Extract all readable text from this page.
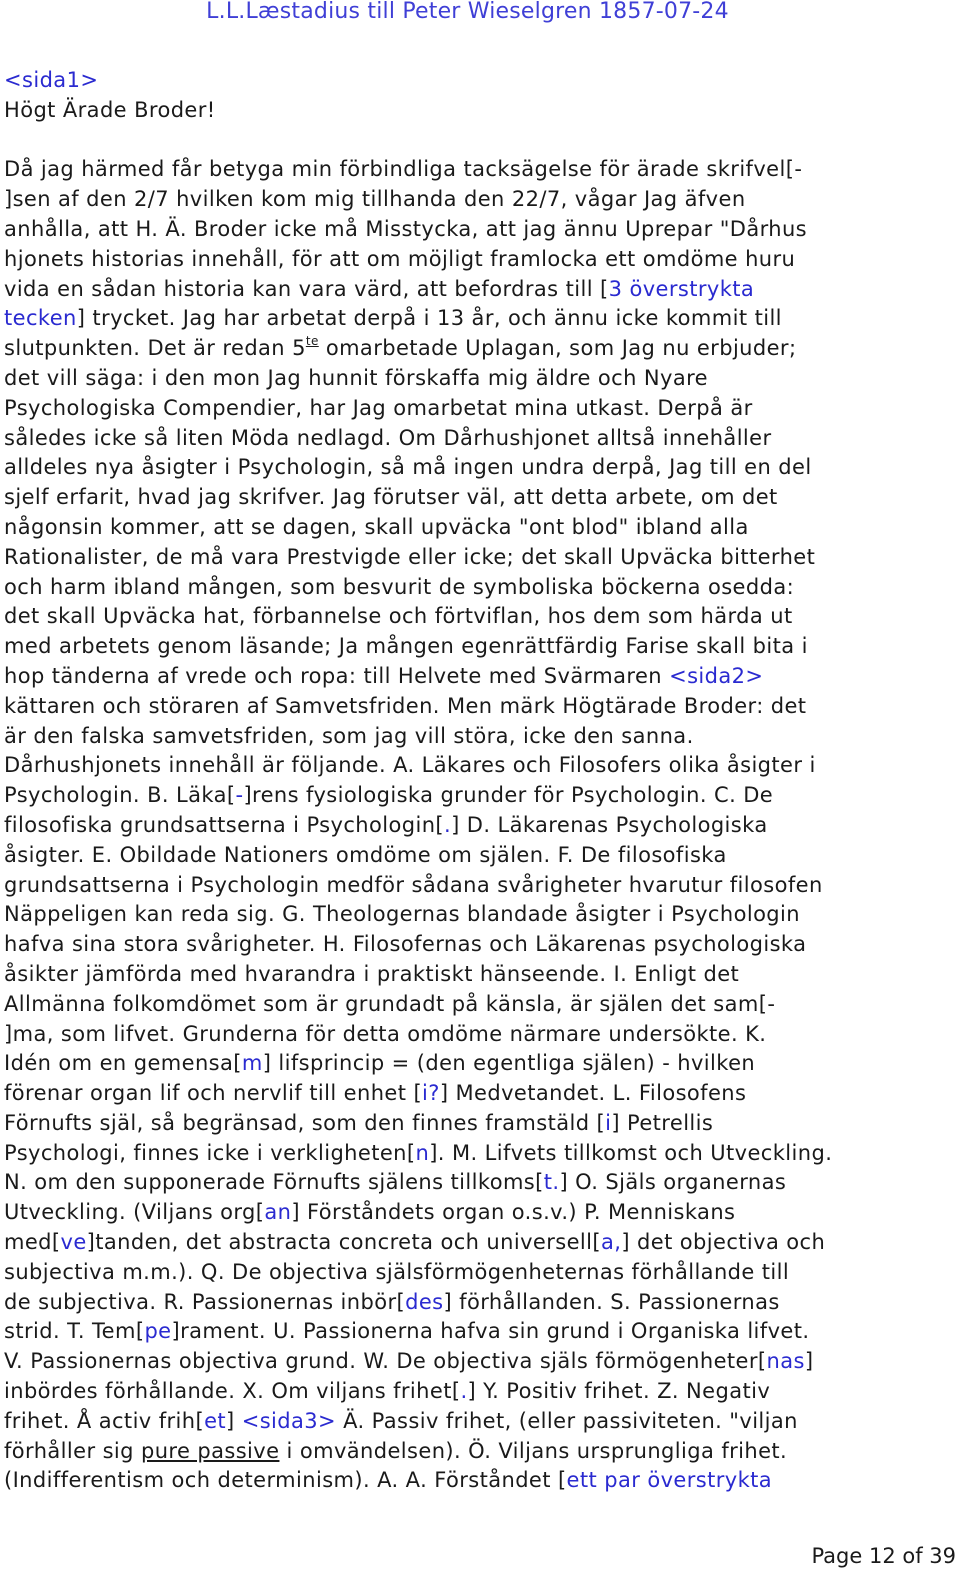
L.L.Læstadius till Peter Wieselgren 1857-07-24
<sida1>
Högt Ärade Broder!
Då jag härmed får betyga min förbindliga tacksägelse för ärade skrifvel[-
]sen af den 2/7 hvilken kom mig tillhanda den 22/7, vågar Jag äfven
anhålla, att H. Ä. Broder icke må Misstycka, att jag ännu Uprepar "Dårhus
hjonets historias innehåll, för att om möjligt framlocka ett omdöme huru
vida en sådan historia kan vara värd, att befordras till [3 överstrykta
tecken] trycket. Jag har arbetat derpå i 13 år, och ännu icke kommit till
slutpunkten. Det är redan $5^{te}$ omarbetade Uplagan, som Jag nu erbjuder;
det vill säga: i den mon Jag hunnit förskaffa mig äldre och Nyare
Psychologiska Compendier, har Jag omarbetat mina utkast. Derpå är
således icke så liten Möda nedlagd. Om Dårhushjonet alltså innehåller
alldeles nya åsigter i Psychologin, så må ingen undra derpå, Jag till en del
sjelf erfarit, hvad jag skrifver. Jag förutser väl, att detta arbete, om det
någonsin kommer, att se dagen, skall upväcka "ont blod" ibland alla
Rationalister, de må vara Prestvigde eller icke; det skall Upväcka bitterhet
och harm ibland mången, som besvurit de symboliska böckerna osedda:
det skall Upväcka hat, förbannelse och förtviflan, hos dem som härda ut
med arbetets genom läsande; Ja mången egenrättfärdig Farise skall bita i
hop tänderna af vrede och ropa: till Helvete med Svärmaren <sida2>
kättaren och störaren af Samvetsfriden. Men märk Högtärade Broder: det
är den falska samvetsfriden, som jag vill störa, icke den sanna.
Dårhushjonets innehåll är följande. A. Läkares och Filosofers olika åsigter i
Psychologin. B. Läka[-]rens fysiologiska grunder för Psychologin. C. De
filosofiska grundsattserna i Psychologin[.] D. Läkarenas Psychologiska
åsigter. E. Obildade Nationers omdöme om själen. F. De filosofiska
grundsattserna i Psychologin medför sådana svårigheter hvarutur filosofen
Näppeligen kan reda sig. G. Theologernas blandade åsigter i Psychologin
hafva sina stora svårigheter. H. Filosofernas och Läkarenas psychologiska
åsikter jämförda med hvarandra i praktiskt hänseende. I. Enligt det
Allmänna folkomdömet som är grundadt på känsla, är själen det sam[-
]ma, som lifvet. Grunderna för detta omdöme närmare undersökte. K.
Idén om en gemensa[m] lifsprincip = (den egentliga själen) - hvilken
förenar organ lif och nervlif till enhet [i?] Medvetandet. L. Filosofens
Förnufts själ, så begränsad, som den finnes framstäld [i] Petrellis
Psychologi, finnes icke i verkligheten[n]. M. Lifvets tillkomst och Utveckling.
N. om den supponerade Förnufts själens tillkoms[t.] O. Själs organernas
Utveckling. (Viljans org[an] Förståndets organ o.s.v.) P. Menniskans
med[ve]tanden, det abstracta concreta och universell[a,] det objectiva och
subjectiva m.m.). Q. De objectiva själsförmögenheternas förhållande till
de subjectiva. R. Passionernas inbör[des] förhållanden. S. Passionernas
strid. T. Tem[pe]rament. U. Passionerna hafva sin grund i Organiska lifvet.
V. Passionernas objectiva grund. W. De objectiva själs förmögenheter[nas]
inbördes förhållande. X. Om viljans frihet[.] Y. Positiv frihet. Z. Negativ
frihet. Å activ frih[et] <sida3> Ä. Passiv frihet, (eller passiviteten. "viljan
förhåller sig pure passive i omvändelsen). Ö. Viljans ursprungliga frihet.
(Indifferentism och determinism). A. A. Förståndet [ett par överstrykta
Page 12 of 39
